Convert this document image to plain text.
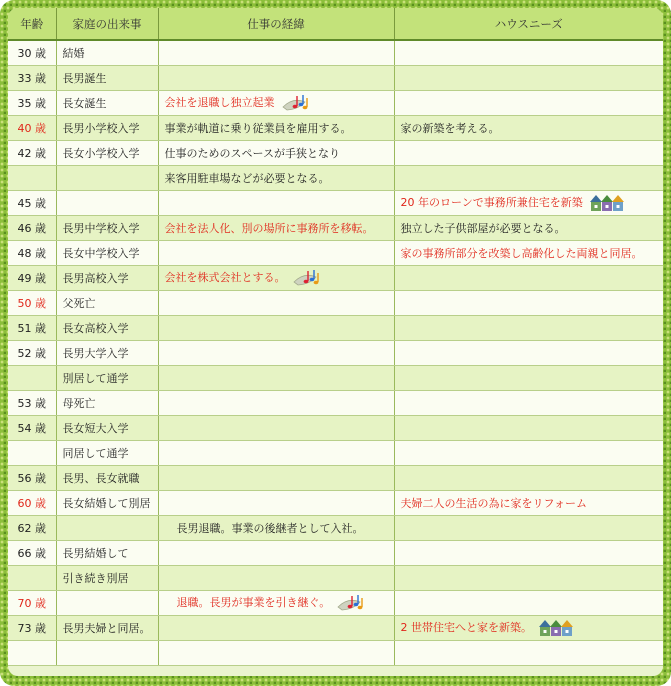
年齢	家庭の出来事	仕事の経緯	ハウスニーズ
30 歳	結婚		
33 歳	長男誕生		
35 歳	長女誕生	会社を退職し独立起業	
40 歳	長男小学校入学	事業が軌道に乗り従業員を雇用する。	家の新築を考える。
42 歳	長女小学校入学	仕事のためのスペースが手狭となり	
		来客用駐車場などが必要となる。	
45 歳			20 年のローンで事務所兼住宅を新築
46 歳	長男中学校入学	会社を法人化、別の場所に事務所を移転。	独立した子供部屋が必要となる。
48 歳	長女中学校入学		家の事務所部分を改築し高齢化した両親と同居。
49 歳	長男高校入学	会社を株式会社とする。	
50 歳	父死亡		
51 歳	長女高校入学		
52 歳	長男大学入学		
	別居して通学		
53 歳	母死亡		
54 歳	長女短大入学		
	同居して通学		
56 歳	長男、長女就職		
60 歳	長女結婚して別居		夫婦二人の生活の為に家をリフォーム
62 歳		長男退職。事業の後継者として入社。	
66 歳	長男結婚して		
	引き続き別居		
70 歳		退職。長男が事業を引き継ぐ。	
73 歳	長男夫婦と同居。		2 世帯住宅へと家を新築。
